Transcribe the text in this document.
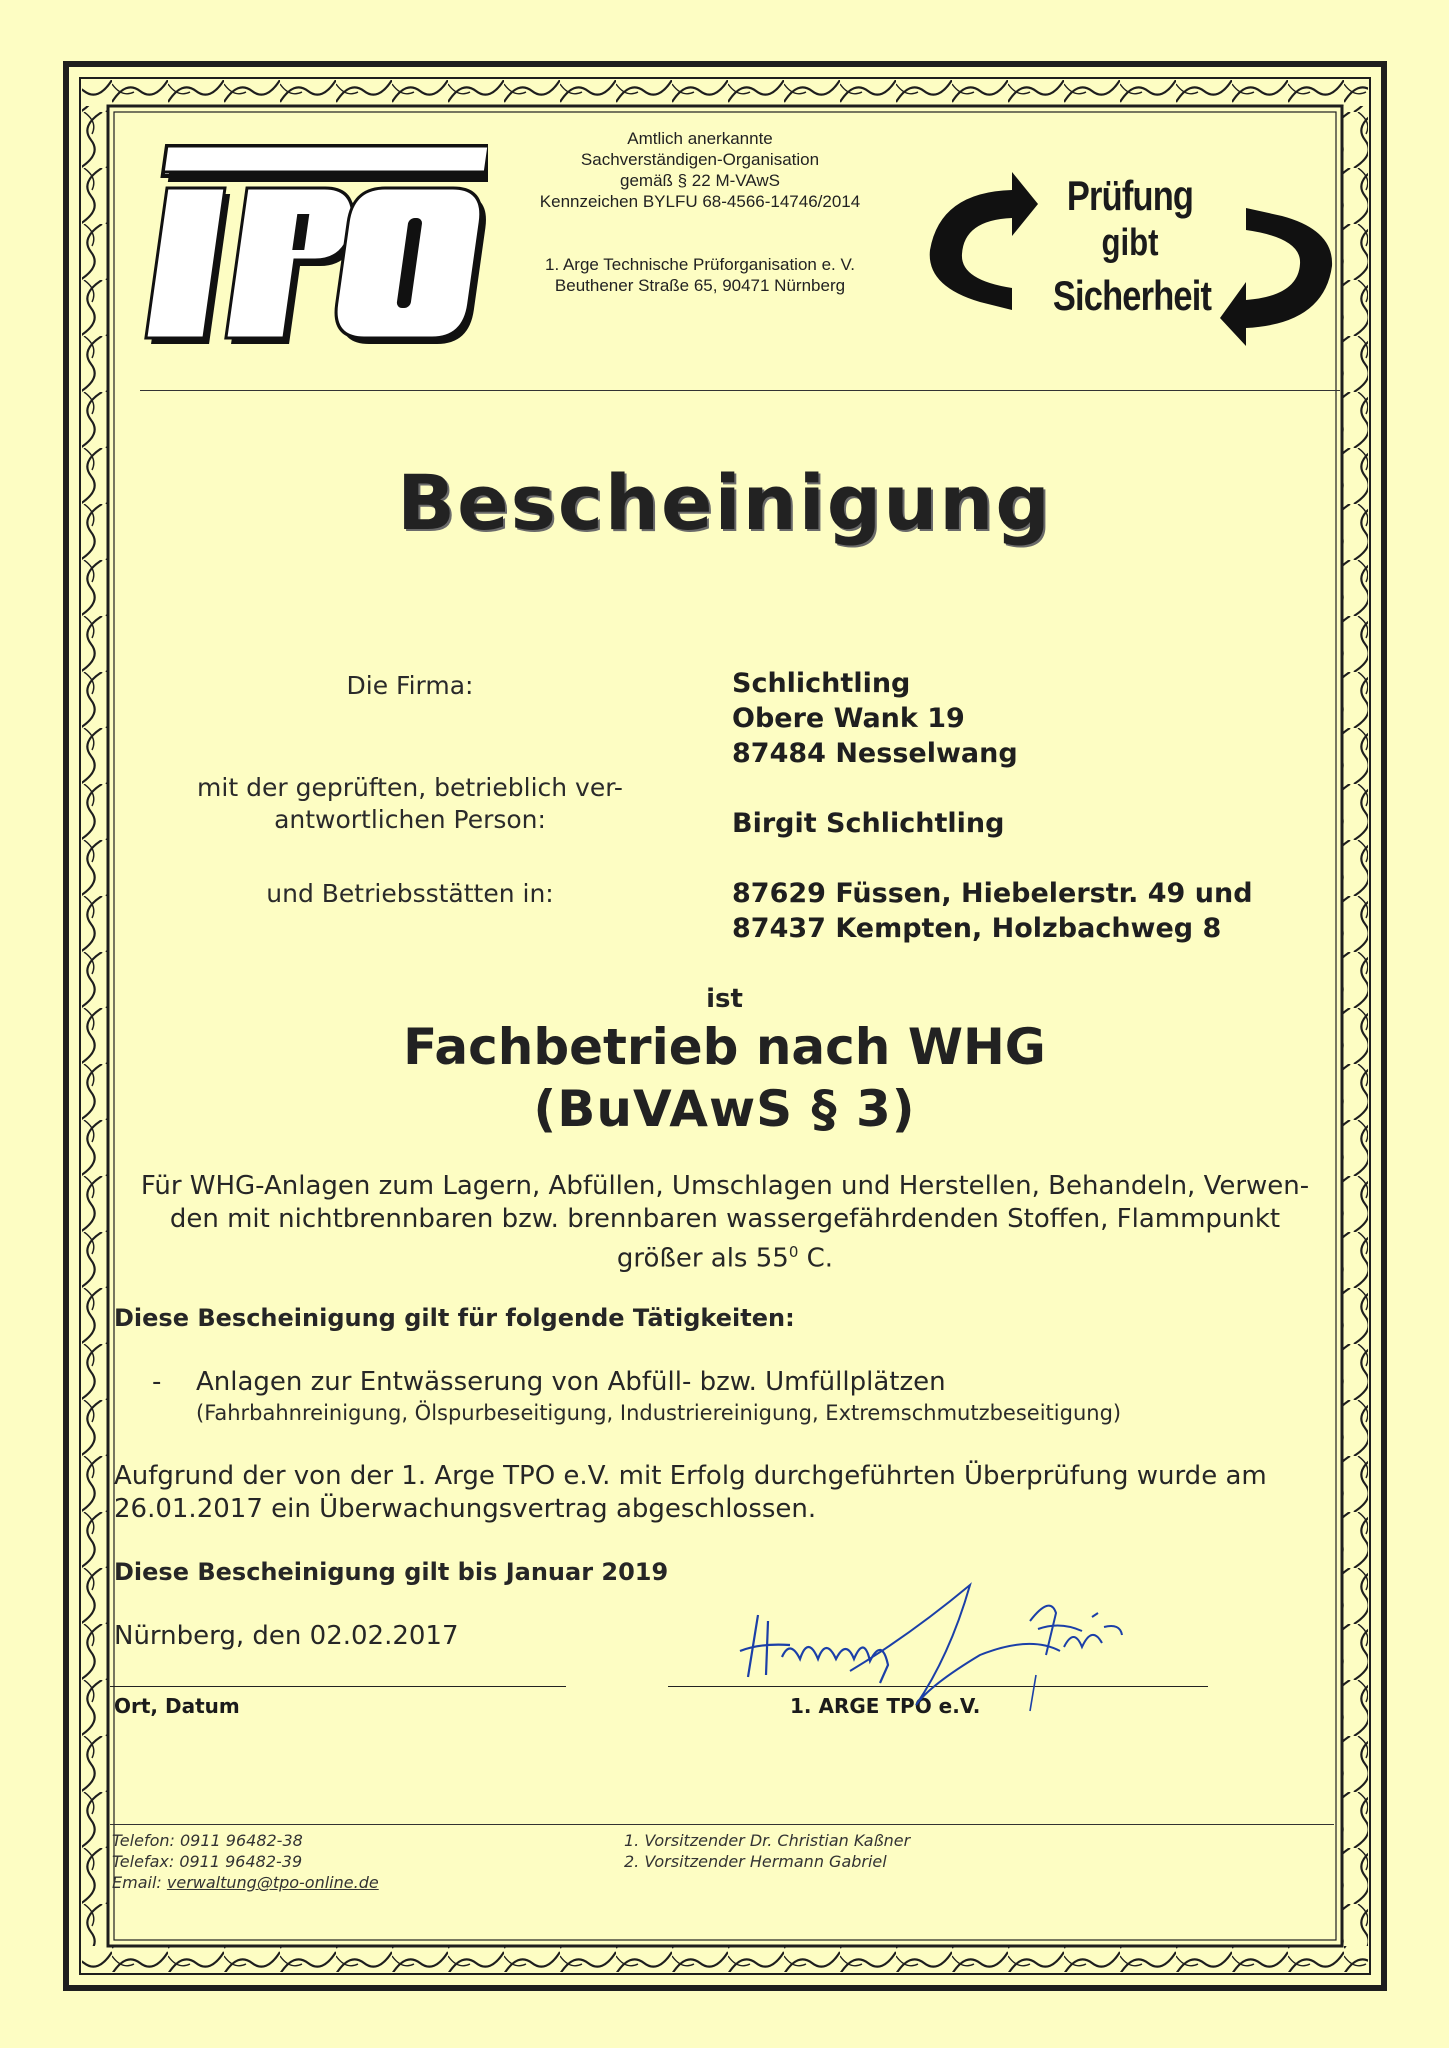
Amtlich anerkannte
Sachverständigen-Organisation
gemäß § 22 M-VAwS
Kennzeichen BYLFU 68-4566-14746/2014
1. Arge Technische Prüforganisation e. V.
Beuthener Straße 65, 90471 Nürnberg
Prüfung
gibt
Sicherheit
Bescheinigung
Die Firma:	Schlichtling
Obere Wank 19
87484 Nesselwang
mit der geprüften, betrieblich ver-
antwortlichen Person:	Birgit Schlichtling
und Betriebsstätten in:	87629 Füssen, Hiebelerstr. 49 und
87437 Kempten, Holzbachweg 8
ist
Fachbetrieb nach WHG
(BuVAwS § 3)
Für WHG-Anlagen zum Lagern, Abfüllen, Umschlagen und Herstellen, Behandeln, Verwen-
den mit nichtbrennbaren bzw. brennbaren wassergefährdenden Stoffen, Flammpunkt
größer als $55^0$ C.
Diese Bescheinigung gilt für folgende Tätigkeiten:
- Anlagen zur Entwässerung von Abfüll- bzw. Umfüllplätzen
(Fahrbahnreinigung, Ölspurbeseitigung, Industriereinigung, Extremschmutzbeseitigung)
Aufgrund der von der 1. Arge TPO e.V. mit Erfolg durchgeführten Überprüfung wurde am
26.01.2017 ein Überwachungsvertrag abgeschlossen.
Diese Bescheinigung gilt bis Januar 2019
Nürnberg, den 02.02.2017
Ort, Datum	1. ARGE TPO e.V.
Telefon: 0911 96482-38
Telefax: 0911 96482-39
Email: verwaltung@tpo-online.de
1. Vorsitzender Dr. Christian Kaßner
2. Vorsitzender Hermann Gabriel
